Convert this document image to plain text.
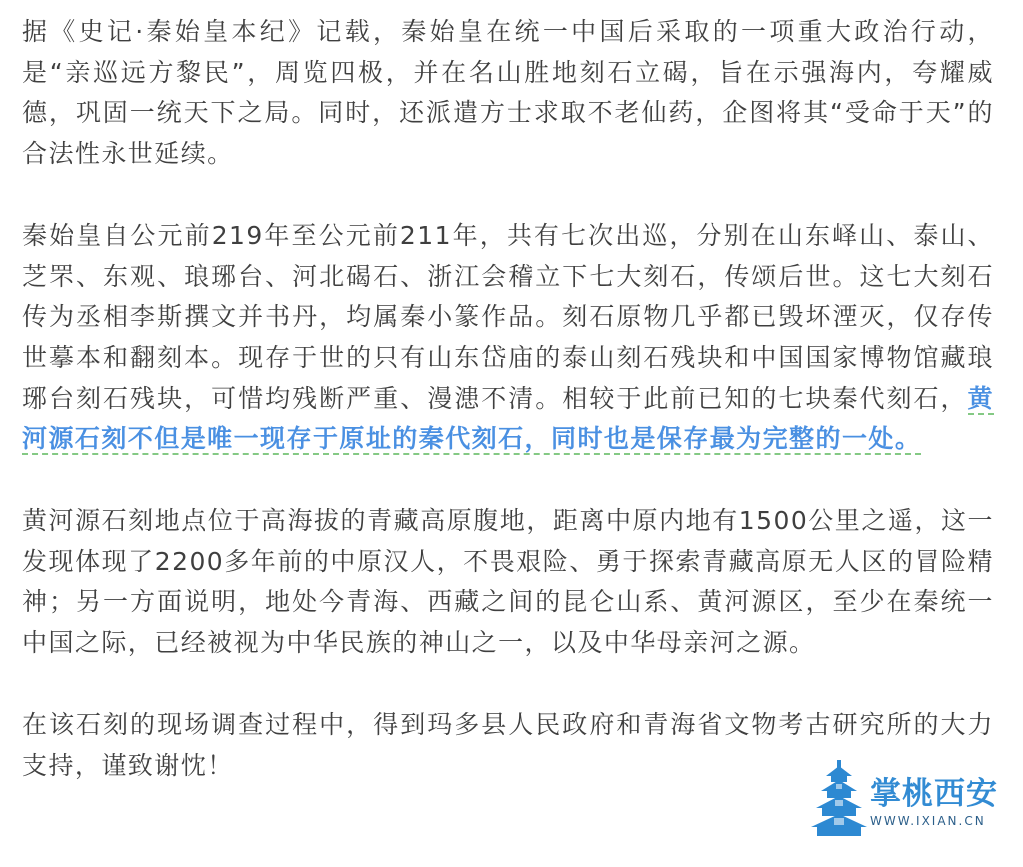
据《史记·秦始皇本纪》记载，秦始皇在统一中国后采取的一项重大政治行动，是“亲巡远方黎民”，周览四极，并在名山胜地刻石立碣，旨在示强海内，夸耀威德，巩固一统天下之局。同时，还派遣方士求取不老仙药，企图将其“受命于天”的合法性永世延续。

秦始皇自公元前219年至公元前211年，共有七次出巡，分别在山东峄山、泰山、芝罘、东观、琅琊台、河北碣石、浙江会稽立下七大刻石，传颂后世。这七大刻石传为丞相李斯撰文并书丹，均属秦小篆作品。刻石原物几乎都已毁坏湮灭，仅存传世摹本和翻刻本。现存于世的只有山东岱庙的泰山刻石残块和中国国家博物馆藏琅琊台刻石残块，可惜均残断严重、漫漶不清。相较于此前已知的七块秦代刻石，黄河源石刻不但是唯一现存于原址的秦代刻石，同时也是保存最为完整的一处。

黄河源石刻地点位于高海拔的青藏高原腹地，距离中原内地有1500公里之遥，这一发现体现了2200多年前的中原汉人，不畏艰险、勇于探索青藏高原无人区的冒险精神；另一方面说明，地处今青海、西藏之间的昆仑山系、黄河源区，至少在秦统一中国之际，已经被视为中华民族的神山之一，以及中华母亲河之源。

在该石刻的现场调查过程中，得到玛多县人民政府和青海省文物考古研究所的大力支持，谨致谢忱！

掌桃西安
WWW.IXIAN.CN
